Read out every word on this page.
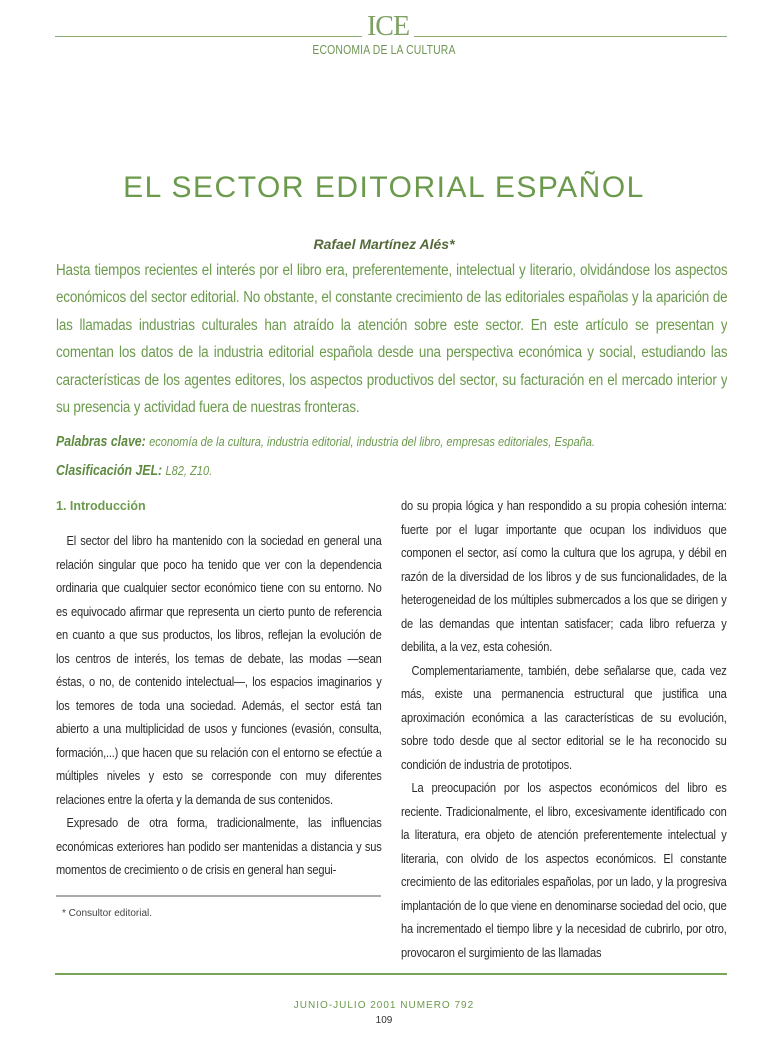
ICE
ECONOMIA DE LA CULTURA
EL SECTOR EDITORIAL ESPAÑOL
Rafael Martínez Alés*
Hasta tiempos recientes el interés por el libro era, preferentemente, intelectual y literario, olvidándose los aspectos económicos del sector editorial. No obstante, el constante crecimiento de las editoriales españolas y la aparición de las llamadas industrias culturales han atraído la atención sobre este sector. En este artículo se presentan y comentan los datos de la industria editorial española desde una perspectiva económica y social, estudiando las características de los agentes editores, los aspectos productivos del sector, su facturación en el mercado interior y su presencia y actividad fuera de nuestras fronteras.
Palabras clave: economía de la cultura, industria editorial, industria del libro, empresas editoriales, España.
Clasificación JEL: L82, Z10.
1. Introducción

El sector del libro ha mantenido con la sociedad en general una relación singular que poco ha tenido que ver con la dependencia ordinaria que cualquier sector económico tiene con su entorno. No es equivocado afirmar que representa un cierto punto de referencia en cuanto a que sus productos, los libros, reflejan la evolución de los centros de interés, los temas de debate, las modas —sean éstas, o no, de contenido intelectual—, los espacios imaginarios y los temores de toda una sociedad. Además, el sector está tan abierto a una multiplicidad de usos y funciones (evasión, consulta, formación,...) que hacen que su relación con el entorno se efectúe a múltiples niveles y esto se corresponde con muy diferentes relaciones entre la oferta y la demanda de sus contenidos.

Expresado de otra forma, tradicionalmente, las influencias económicas exteriores han podido ser mantenidas a distancia y sus momentos de crecimiento o de crisis en general han segui-

* Consultor editorial.

do su propia lógica y han respondido a su propia cohesión interna: fuerte por el lugar importante que ocupan los individuos que componen el sector, así como la cultura que los agrupa, y débil en razón de la diversidad de los libros y de sus funcionalidades, de la heterogeneidad de los múltiples submercados a los que se dirigen y de las demandas que intentan satisfacer; cada libro refuerza y debilita, a la vez, esta cohesión.

Complementariamente, también, debe señalarse que, cada vez más, existe una permanencia estructural que justifica una aproximación económica a las características de su evolución, sobre todo desde que al sector editorial se le ha reconocido su condición de industria de prototipos.

La preocupación por los aspectos económicos del libro es reciente. Tradicionalmente, el libro, excesivamente identificado con la literatura, era objeto de atención preferentemente intelectual y literaria, con olvido de los aspectos económicos. El constante crecimiento de las editoriales españolas, por un lado, y la progresiva implantación de lo que viene en denominarse sociedad del ocio, que ha incrementado el tiempo libre y la necesidad de cubrirlo, por otro, provocaron el surgimiento de las llamadas

JUNIO-JULIO 2001 NUMERO 792
109
